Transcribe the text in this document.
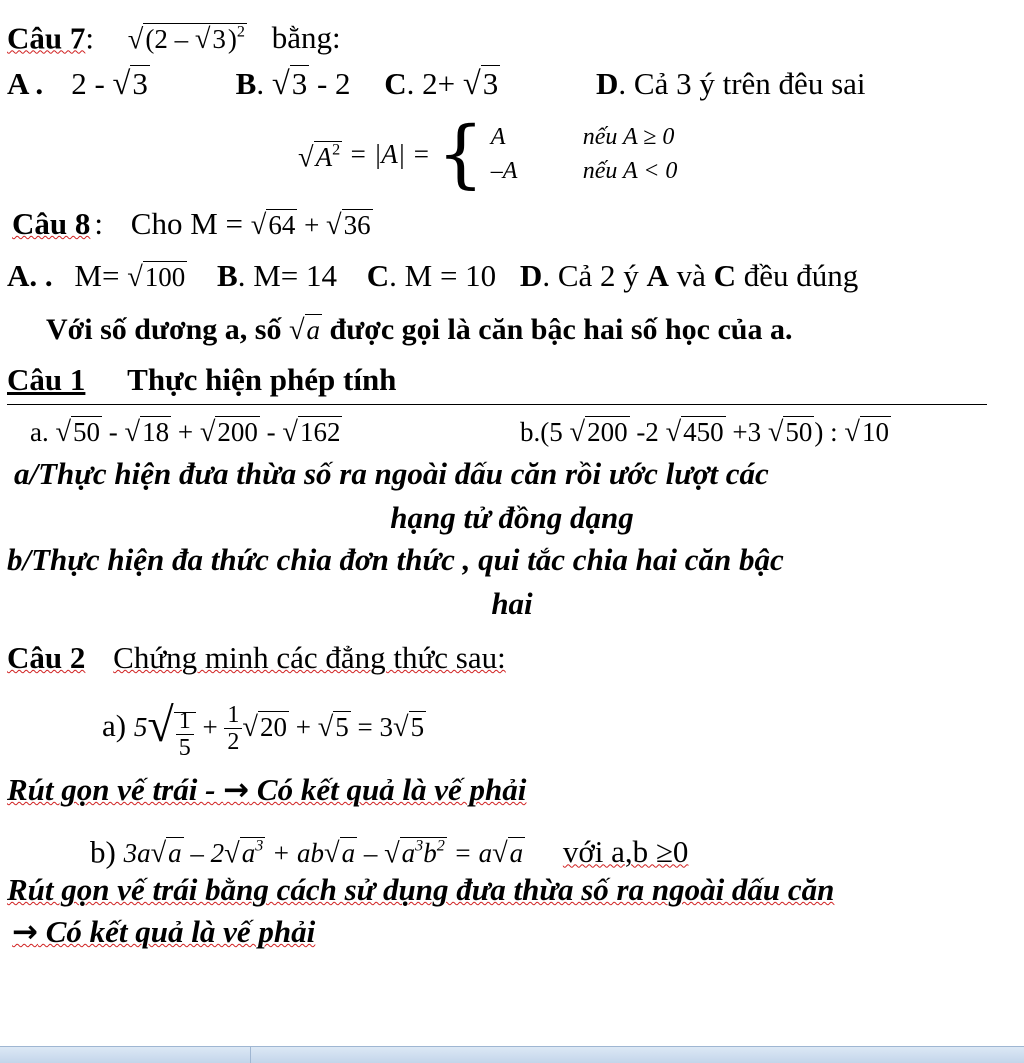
Câu 7: √(2 – √3)$^2$ bằng:
A . 2 - √3	B. √3 - 2 C. 2+ √3	D. Cả 3 ý trên đêu sai
$√A^2 = |A|$ = { A	nếu A ≥ 0
–A	nếu A < 0
Câu 8 : Cho M = √64 + √36
A. . M= √100 B. M= 14 C. M = 10 D. Cả 2 ý A và C đều đúng
Với số dương a, số √a được gọi là căn bậc hai số học của a.
Câu 1 Thực hiện phép tính
a. √50 - √18 + √200 - √162	b.(5 √200 -2 √450 +3 √50) : √10
a/Thực hiện đưa thừa số ra ngoài dấu căn rồi ước lượt các
hạng tử đồng dạng
b/Thực hiện đa thức chia đơn thức , qui tắc chia hai căn bậc
hai
Câu 2 Chứng minh các đẳng thức sau:
a) $5√ \frac{1}{5} + \frac{1}{2} √20 + √5 = 3√5$
Rút gọn vế trái - → Có kết quả là vế phải
b) $3a√a - 2√a^3 + ab√a - √a^3b^2 = a√a$ với a,b ≥0
Rút gọn vế trái bằng cách sử dụng đưa thừa số ra ngoài dấu căn
→ Có kết quả là vế phải
